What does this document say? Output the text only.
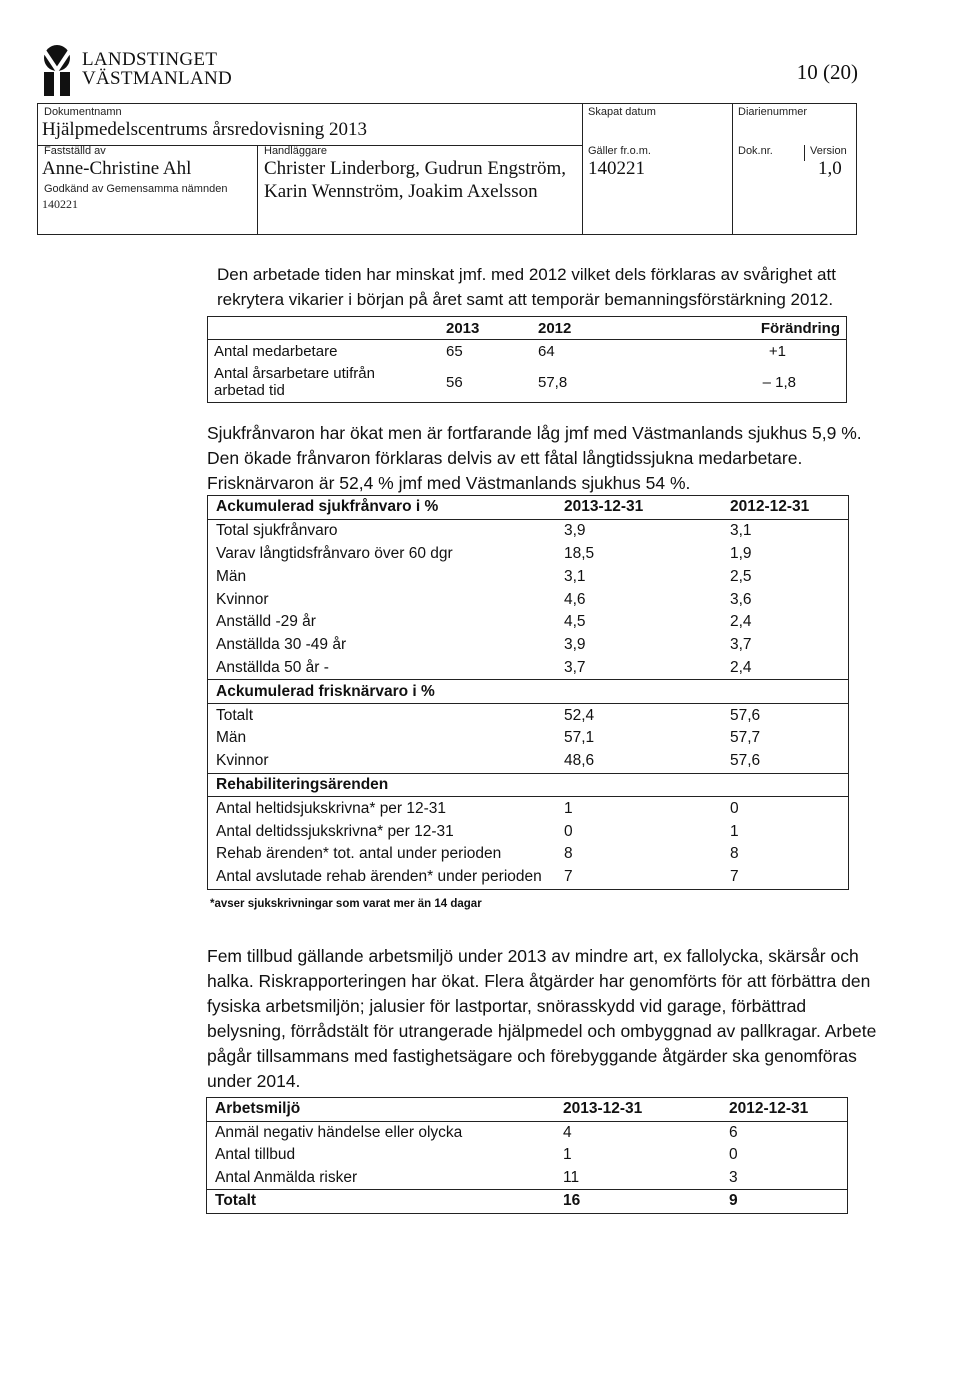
LANDSTINGET
VÄSTMANLAND	10 (20)
Dokumentnamn
Hjälpmedelscentrums årsredovisning 2013
Skapat datum	Diarienummer
Fastställd av
Anne-Christine Ahl
Godkänd av Gemensamma nämnden
140221
Handläggare
Christer Linderborg, Gudrun Engström,
Karin Wennström, Joakim Axelsson
Gäller fr.o.m.
140221
Dok.nr.	Version
1,0
Den arbetade tiden har minskat jmf. med 2012 vilket dels förklaras av svårighet att
rekrytera vikarier i början på året samt att temporär bemanningsförstärkning 2012.
	2013	2012	Förändring
Antal medarbetare	65	64	+1

Antal årsarbetare utifrån
arbetad tid	56	57,8	– 1,8
Sjukfrånvaron har ökat men är fortfarande låg jmf med Västmanlands sjukhus 5,9 %.
Den ökade frånvaron förklaras delvis av ett fåtal långtidssjukna medarbetare.
Frisknärvaron är 52,4 % jmf med Västmanlands sjukhus 54 %.
Ackumulerad sjukfrånvaro i %	2013-12-31	2012-12-31
Total sjukfrånvaro	3,9	3,1
Varav långtidsfrånvaro över 60 dgr	18,5	1,9
Män	3,1	2,5
Kvinnor	4,6	3,6
Anställd -29 år	4,5	2,4
Anställda 30 -49 år	3,9	3,7
Anställda 50 år -	3,7	2,4
Ackumulerad frisknärvaro i %		
Totalt	52,4	57,6
Män	57,1	57,7
Kvinnor	48,6	57,6
Rehabiliteringsärenden		
Antal heltidsjukskrivna* per 12-31	1	0
Antal deltidssjukskrivna* per 12-31	0	1
Rehab ärenden* tot. antal under perioden	8	8
Antal avslutade rehab ärenden* under perioden	7	7
*avser sjukskrivningar som varat mer än 14 dagar
Fem tillbud gällande arbetsmiljö under 2013 av mindre art, ex fallolycka, skärsår och
halka. Riskrapporteringen har ökat. Flera åtgärder har genomförts för att förbättra den
fysiska arbetsmiljön; jalusier för lastportar, snörasskydd vid garage, förbättrad
belysning, förrådstält för utrangerade hjälpmedel och ombyggnad av pallkragar. Arbete
pågår tillsammans med fastighetsägare och förebyggande åtgärder ska genomföras
under 2014.
Arbetsmiljö	2013-12-31	2012-12-31
Anmäl negativ händelse eller olycka	4	6
Antal tillbud	1	0
Antal Anmälda risker	11	3
Totalt	16	9
